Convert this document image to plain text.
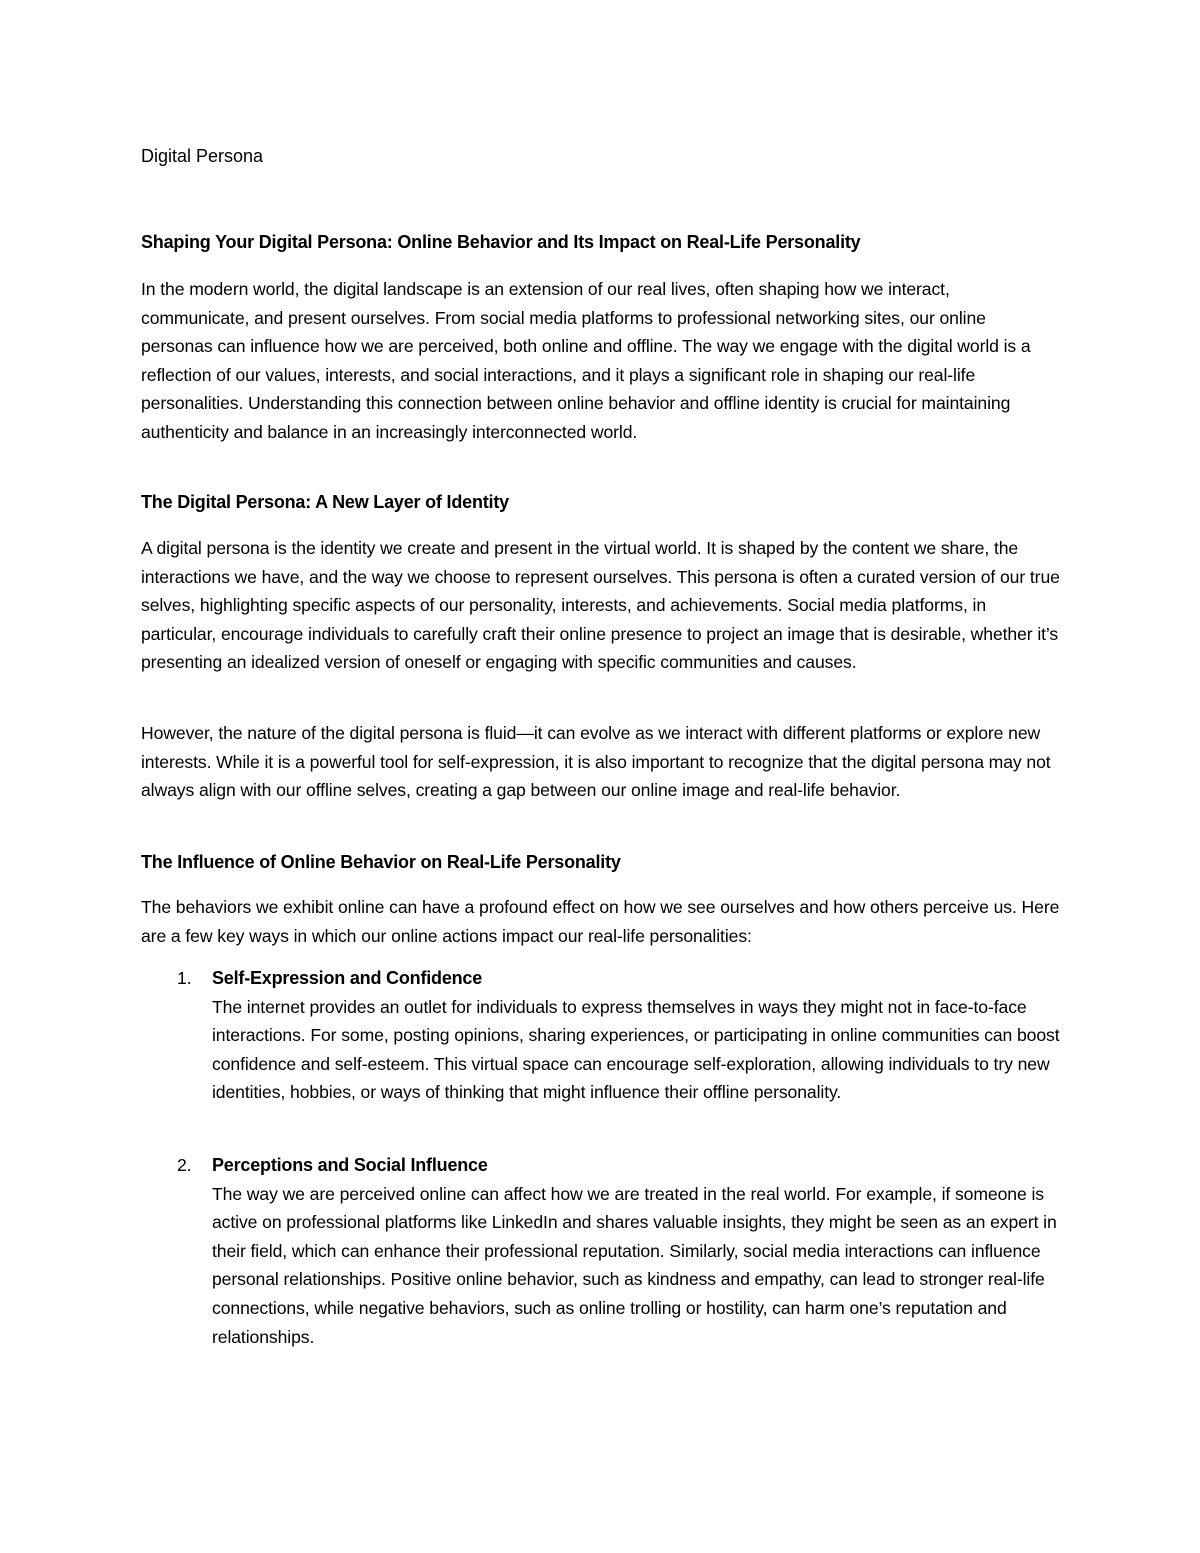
Digital Persona

Shaping Your Digital Persona: Online Behavior and Its Impact on Real-Life Personality

In the modern world, the digital landscape is an extension of our real lives, often shaping how we interact, communicate, and present ourselves. From social media platforms to professional networking sites, our online personas can influence how we are perceived, both online and offline. The way we engage with the digital world is a reflection of our values, interests, and social interactions, and it plays a significant role in shaping our real-life personalities. Understanding this connection between online behavior and offline identity is crucial for maintaining authenticity and balance in an increasingly interconnected world.

The Digital Persona: A New Layer of Identity

A digital persona is the identity we create and present in the virtual world. It is shaped by the content we share, the interactions we have, and the way we choose to represent ourselves. This persona is often a curated version of our true selves, highlighting specific aspects of our personality, interests, and achievements. Social media platforms, in particular, encourage individuals to carefully craft their online presence to project an image that is desirable, whether it’s presenting an idealized version of oneself or engaging with specific communities and causes.

However, the nature of the digital persona is fluid—it can evolve as we interact with different platforms or explore new interests. While it is a powerful tool for self-expression, it is also important to recognize that the digital persona may not always align with our offline selves, creating a gap between our online image and real-life behavior.

The Influence of Online Behavior on Real-Life Personality

The behaviors we exhibit online can have a profound effect on how we see ourselves and how others perceive us. Here are a few key ways in which our online actions impact our real-life personalities:

1. Self-Expression and Confidence
The internet provides an outlet for individuals to express themselves in ways they might not in face-to-face interactions. For some, posting opinions, sharing experiences, or participating in online communities can boost confidence and self-esteem. This virtual space can encourage self-exploration, allowing individuals to try new identities, hobbies, or ways of thinking that might influence their offline personality.
2. Perceptions and Social Influence
The way we are perceived online can affect how we are treated in the real world. For example, if someone is active on professional platforms like LinkedIn and shares valuable insights, they might be seen as an expert in their field, which can enhance their professional reputation. Similarly, social media interactions can influence personal relationships. Positive online behavior, such as kindness and empathy, can lead to stronger real-life connections, while negative behaviors, such as online trolling or hostility, can harm one’s reputation and relationships.
